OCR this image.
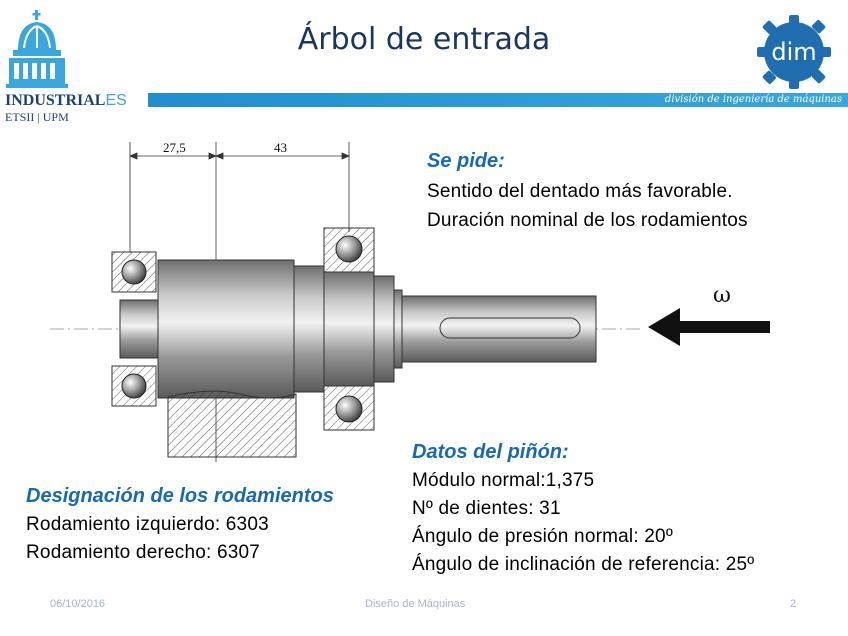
INDUSTRIALES
ETSII | UPM
Árbol de entrada
división de ingeniería de máquinas
dim
27,5	43
ω
Se pide:
Sentido del dentado más favorable.
Duración nominal de los rodamientos
Datos del piñón:
Módulo normal:1,375
Nº de dientes: 31
Ángulo de presión normal: 20º
Ángulo de inclinación de referencia: 25º
Designación de los rodamientos
Rodamiento izquierdo: 6303
Rodamiento derecho: 6307
06/10/2016	Diseño de Máquinas	2
